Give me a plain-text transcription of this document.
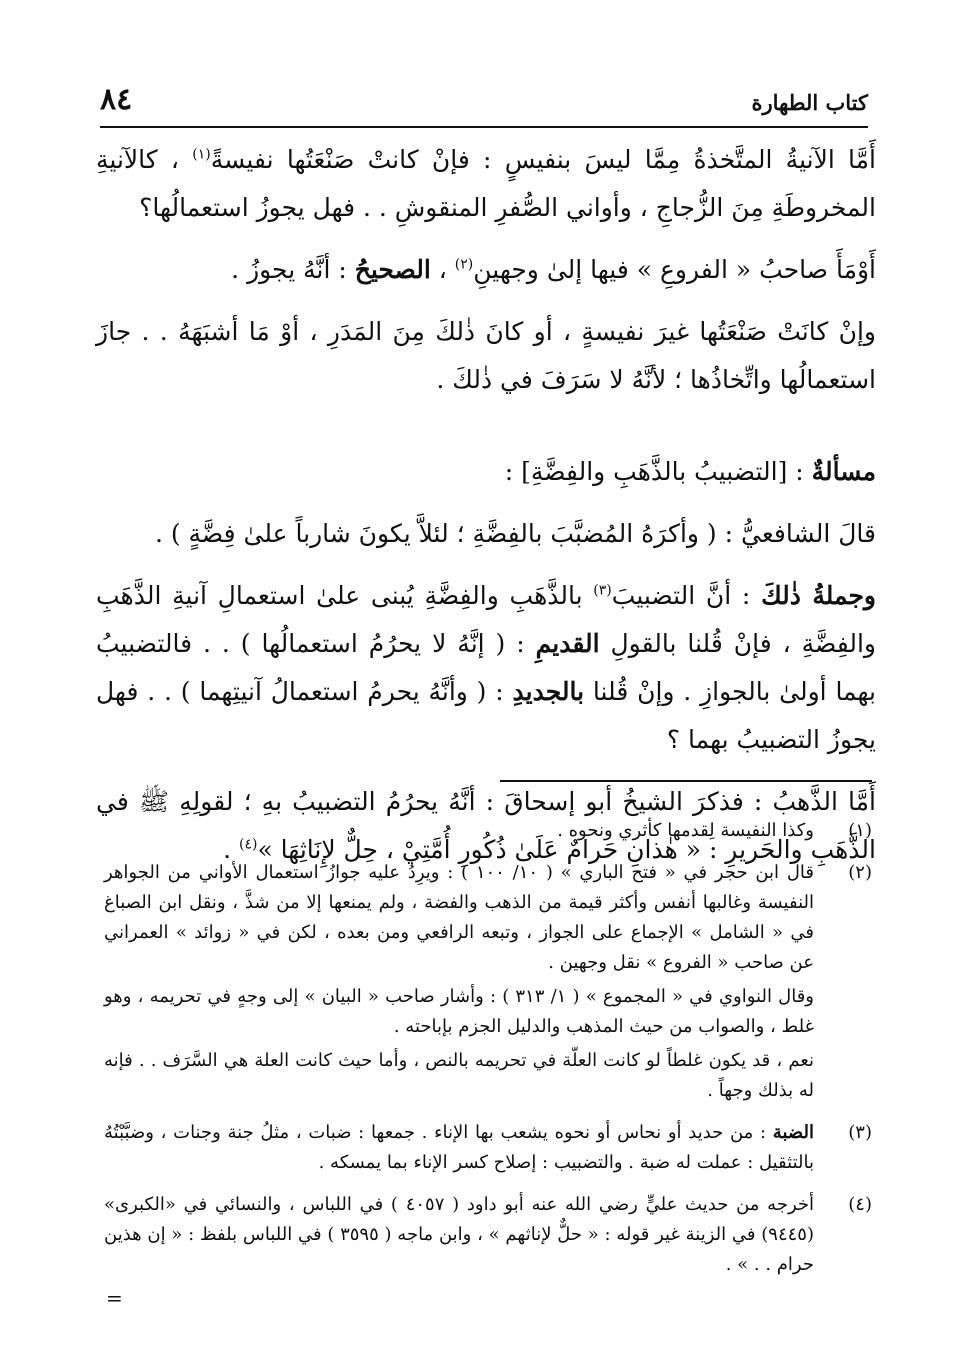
كتاب الطهارة
٨٤

أَمَّا الآنيةُ المتَّخذةُ مِمَّا ليسَ بنفيسٍ : فإنْ كانتْ صَنْعَتُها نفيسةً$^{(١)}$ ، كالآنيةِ المخروطَةِ مِنَ الزُّجاجِ ، وأواني الصُّفرِ المنقوشِ . . فهل يجوزُ استعمالُها؟

أَوْمَأَ صاحبُ « الفروعِ » فيها إلىٰ وجهينِ$^{(٢)}$ ، الصحيحُ : أنَّهُ يجوزُ .

وإنْ كانَتْ صَنْعَتُها غيرَ نفيسةٍ ، أو كانَ ذٰلكَ مِنَ المَدَرِ ، أوْ مَا أشبَهَهُ . . جازَ استعمالُها واتِّخاذُها ؛ لأنَّهُ لا سَرَفَ في ذٰلكَ .

مسألةٌ : [التضبيبُ بالذَّهَبِ والفِضَّةِ] :

قالَ الشافعيُّ : ( وأكرَهُ المُضبَّبَ بالفِضَّةِ ؛ لئلاَّ يكونَ شارباً علىٰ فِضَّةٍ ) .

وجملةُ ذٰلكَ : أنَّ التضبيبَ$^{(٣)}$ بالذَّهَبِ والفِضَّةِ يُبنى علىٰ استعمالِ آنيةِ الذَّهَبِ والفِضَّةِ ، فإنْ قُلنا بالقولِ القديمِ : ( إنَّهُ لا يحرُمُ استعمالُها ) . . فالتضبيبُ بهما أولىٰ بالجوازِ . وإنْ قُلنا بالجديدِ : ( وأنَّهُ يحرمُ استعمالُ آنيتِهما ) . . فهل يجوزُ التضبيبُ بهما ؟

أَمَّا الذَّهبُ : فذكرَ الشيخُ أبو إسحاقَ : أنَّهُ يحرُمُ التضبيبُ بهِ ؛ لقولِهِ ﷺ في الذَّهَبِ والحَريرِ : « هٰذانِ حَرامٌ عَلَىٰ ذُكُورِ أُمَّتِيْ ، حِلٌّ لإِنَاثِهَا »$^{(٤)}$ .

(١)

وكذا النفيسة لِقدمها كأثري ونحوه .

(٢)

قال ابن حجر في « فتح الباري » ( ١٠/ ١٠٠ ) : ويرِدُ عليه جوازُ استعمال الأواني من الجواهر النفيسة وغالبها أنفس وأكثر قيمة من الذهب والفضة ، ولم يمنعها إلا من شذَّ ، ونقل ابن الصباغ في « الشامل » الإجماع على الجواز ، وتبعه الرافعي ومن بعده ، لكن في « زوائد » العمراني عن صاحب « الفروع » نقل وجهين .

وقال النواوي في « المجموع » ( ١/ ٣١٣ ) : وأشار صاحب « البيان » إلى وجهٍ في تحريمه ، وهو غلط ، والصواب من حيث المذهب والدليل الجزم بإباحته .

نعم ، قد يكون غلطاً لو كانت العلّة في تحريمه بالنص ، وأما حيث كانت العلة هي السَّرَف . . فإنه له بذلك وجهاً .

(٣)

الضبة : من حديد أو نحاس أو نحوه يشعب بها الإناء . جمعها : ضبات ، مثلُ جنة وجنات ، وضبَّبْتُهُ بالتثقيل : عملت له ضبة . والتضبيب : إصلاح كسر الإناء بما يمسكه .

(٤)

أخرجه من حديث عليٍّ رضي الله عنه أبو داود ( ٤٠٥٧ ) في اللباس ، والنسائي في «الكبرى» (٩٤٤٥) في الزينة غير قوله : « حلٌّ لإناثهم » ، وابن ماجه ( ٣٥٩٥ ) في اللباس بلفظ : « إن هذين حرام . . » .

=
